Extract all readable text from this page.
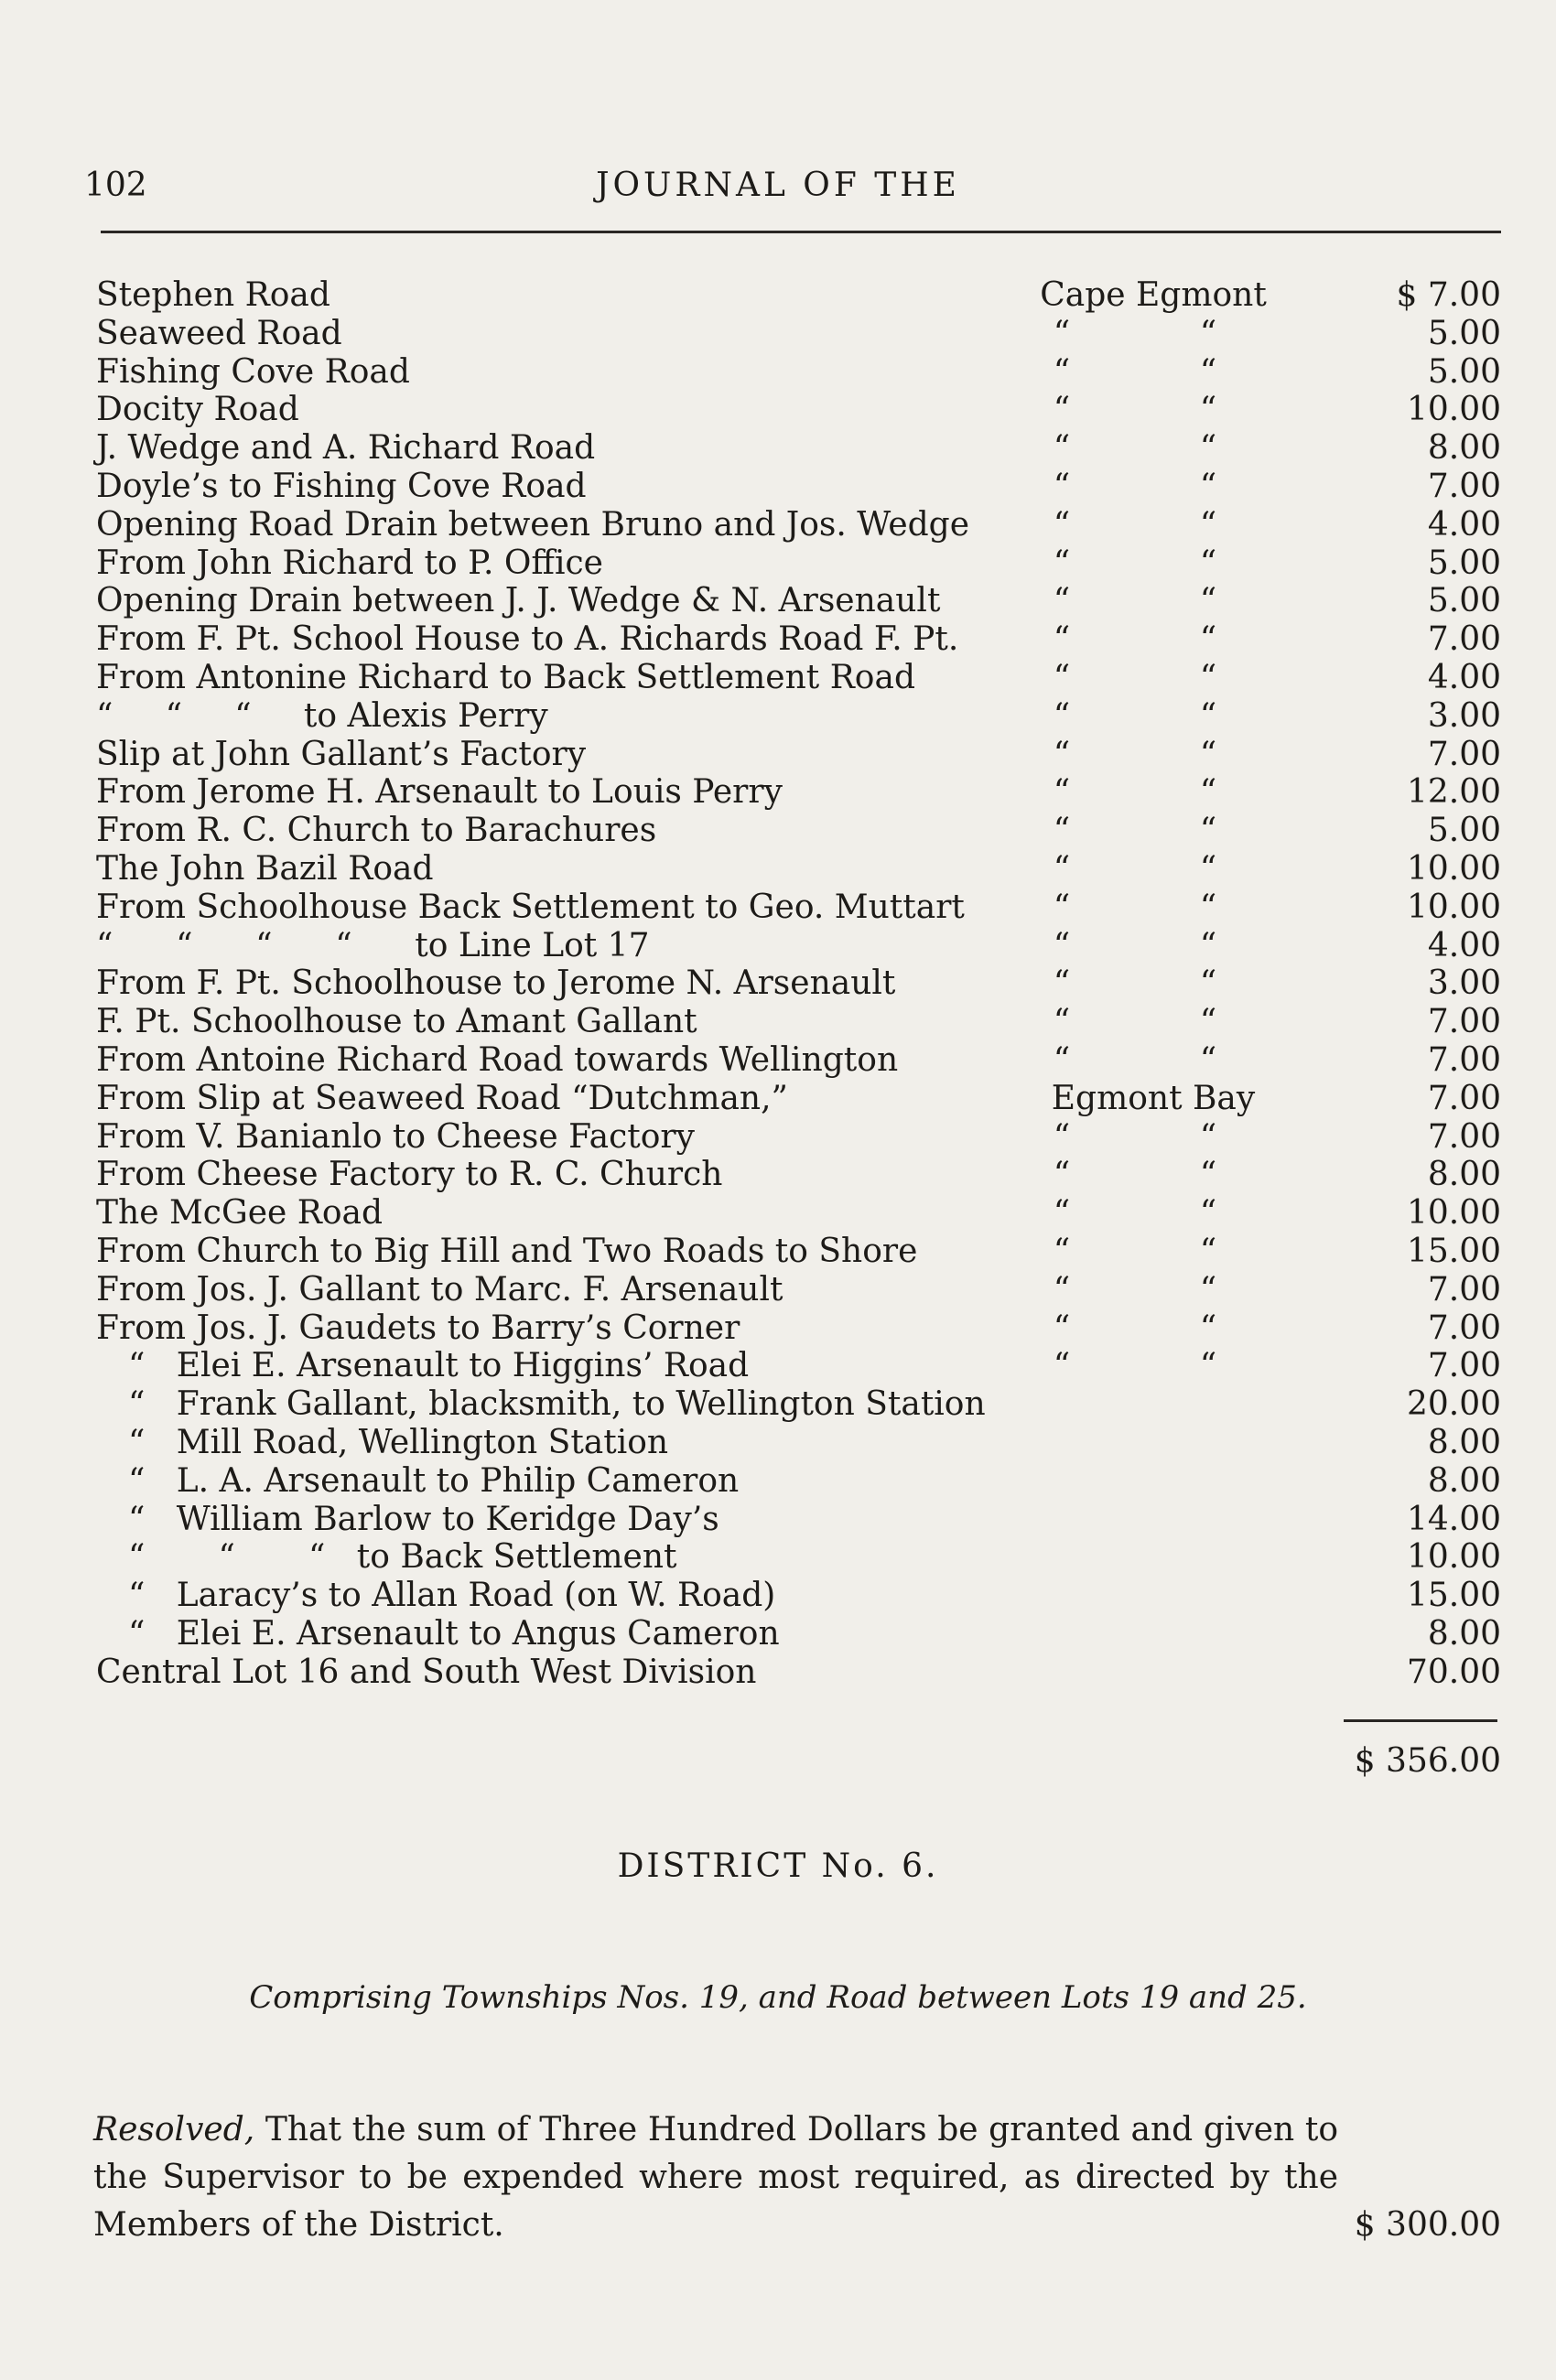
102	JOURNAL OF THE
Stephen Road	Cape Egmont	$ 7.00
Seaweed Road	“	“	5.00
Fishing Cove Road	“	“	5.00
Docity Road	“	“	10.00
J. Wedge and A. Richard Road	“	“	8.00
Doyle’s to Fishing Cove Road	“	“	7.00
Opening Road Drain between Bruno and Jos. Wedge	“	“	4.00
From John Richard to P. Office	“	“	5.00
Opening Drain between J. J. Wedge & N. Arsenault	“	“	5.00
From F. Pt. School House to A. Richards Road F. Pt.	“	“	7.00
From Antonine Richard to Back Settlement Road	“	“	4.00
“     “     “     to Alexis Perry	“	“	3.00
Slip at John Gallant’s Factory	“	“	7.00
From Jerome H. Arsenault to Louis Perry	“	“	12.00
From R. C. Church to Barachures	“	“	5.00
The John Bazil Road	“	“	10.00
From Schoolhouse Back Settlement to Geo. Muttart	“	“	10.00
“      “      “      “      to Line Lot 17	“	“	4.00
From F. Pt. Schoolhouse to Jerome N. Arsenault	“	“	3.00
F. Pt. Schoolhouse to Amant Gallant	“	“	7.00
From Antoine Richard Road towards Wellington	“	“	7.00
From Slip at Seaweed Road “Dutchman,”	Egmont Bay	7.00
From V. Banianlo to Cheese Factory	“	“	7.00
From Cheese Factory to R. C. Church	“	“	8.00
The McGee Road	“	“	10.00
From Church to Big Hill and Two Roads to Shore	“	“	15.00
From Jos. J. Gallant to Marc. F. Arsenault	“	“	7.00
From Jos. J. Gaudets to Barry’s Corner	“	“	7.00
“   Elei E. Arsenault to Higgins’ Road	“	“	7.00
“   Frank Gallant, blacksmith, to Wellington Station	20.00
“   Mill Road, Wellington Station	8.00
“   L. A. Arsenault to Philip Cameron	8.00
“   William Barlow to Keridge Day’s	14.00
“       “       “   to Back Settlement	10.00
“   Laracy’s to Allan Road (on W. Road)	15.00
“   Elei E. Arsenault to Angus Cameron	8.00
Central Lot 16 and South West Division	70.00
$ 356.00
DISTRICT No. 6.
Comprising Townships Nos. 19, and Road between Lots 19 and 25.
Resolved, That the sum of Three Hundred Dollars be granted and given to the Supervisor to be expended where most required, as directed by the Members of the District.	$ 300.00
